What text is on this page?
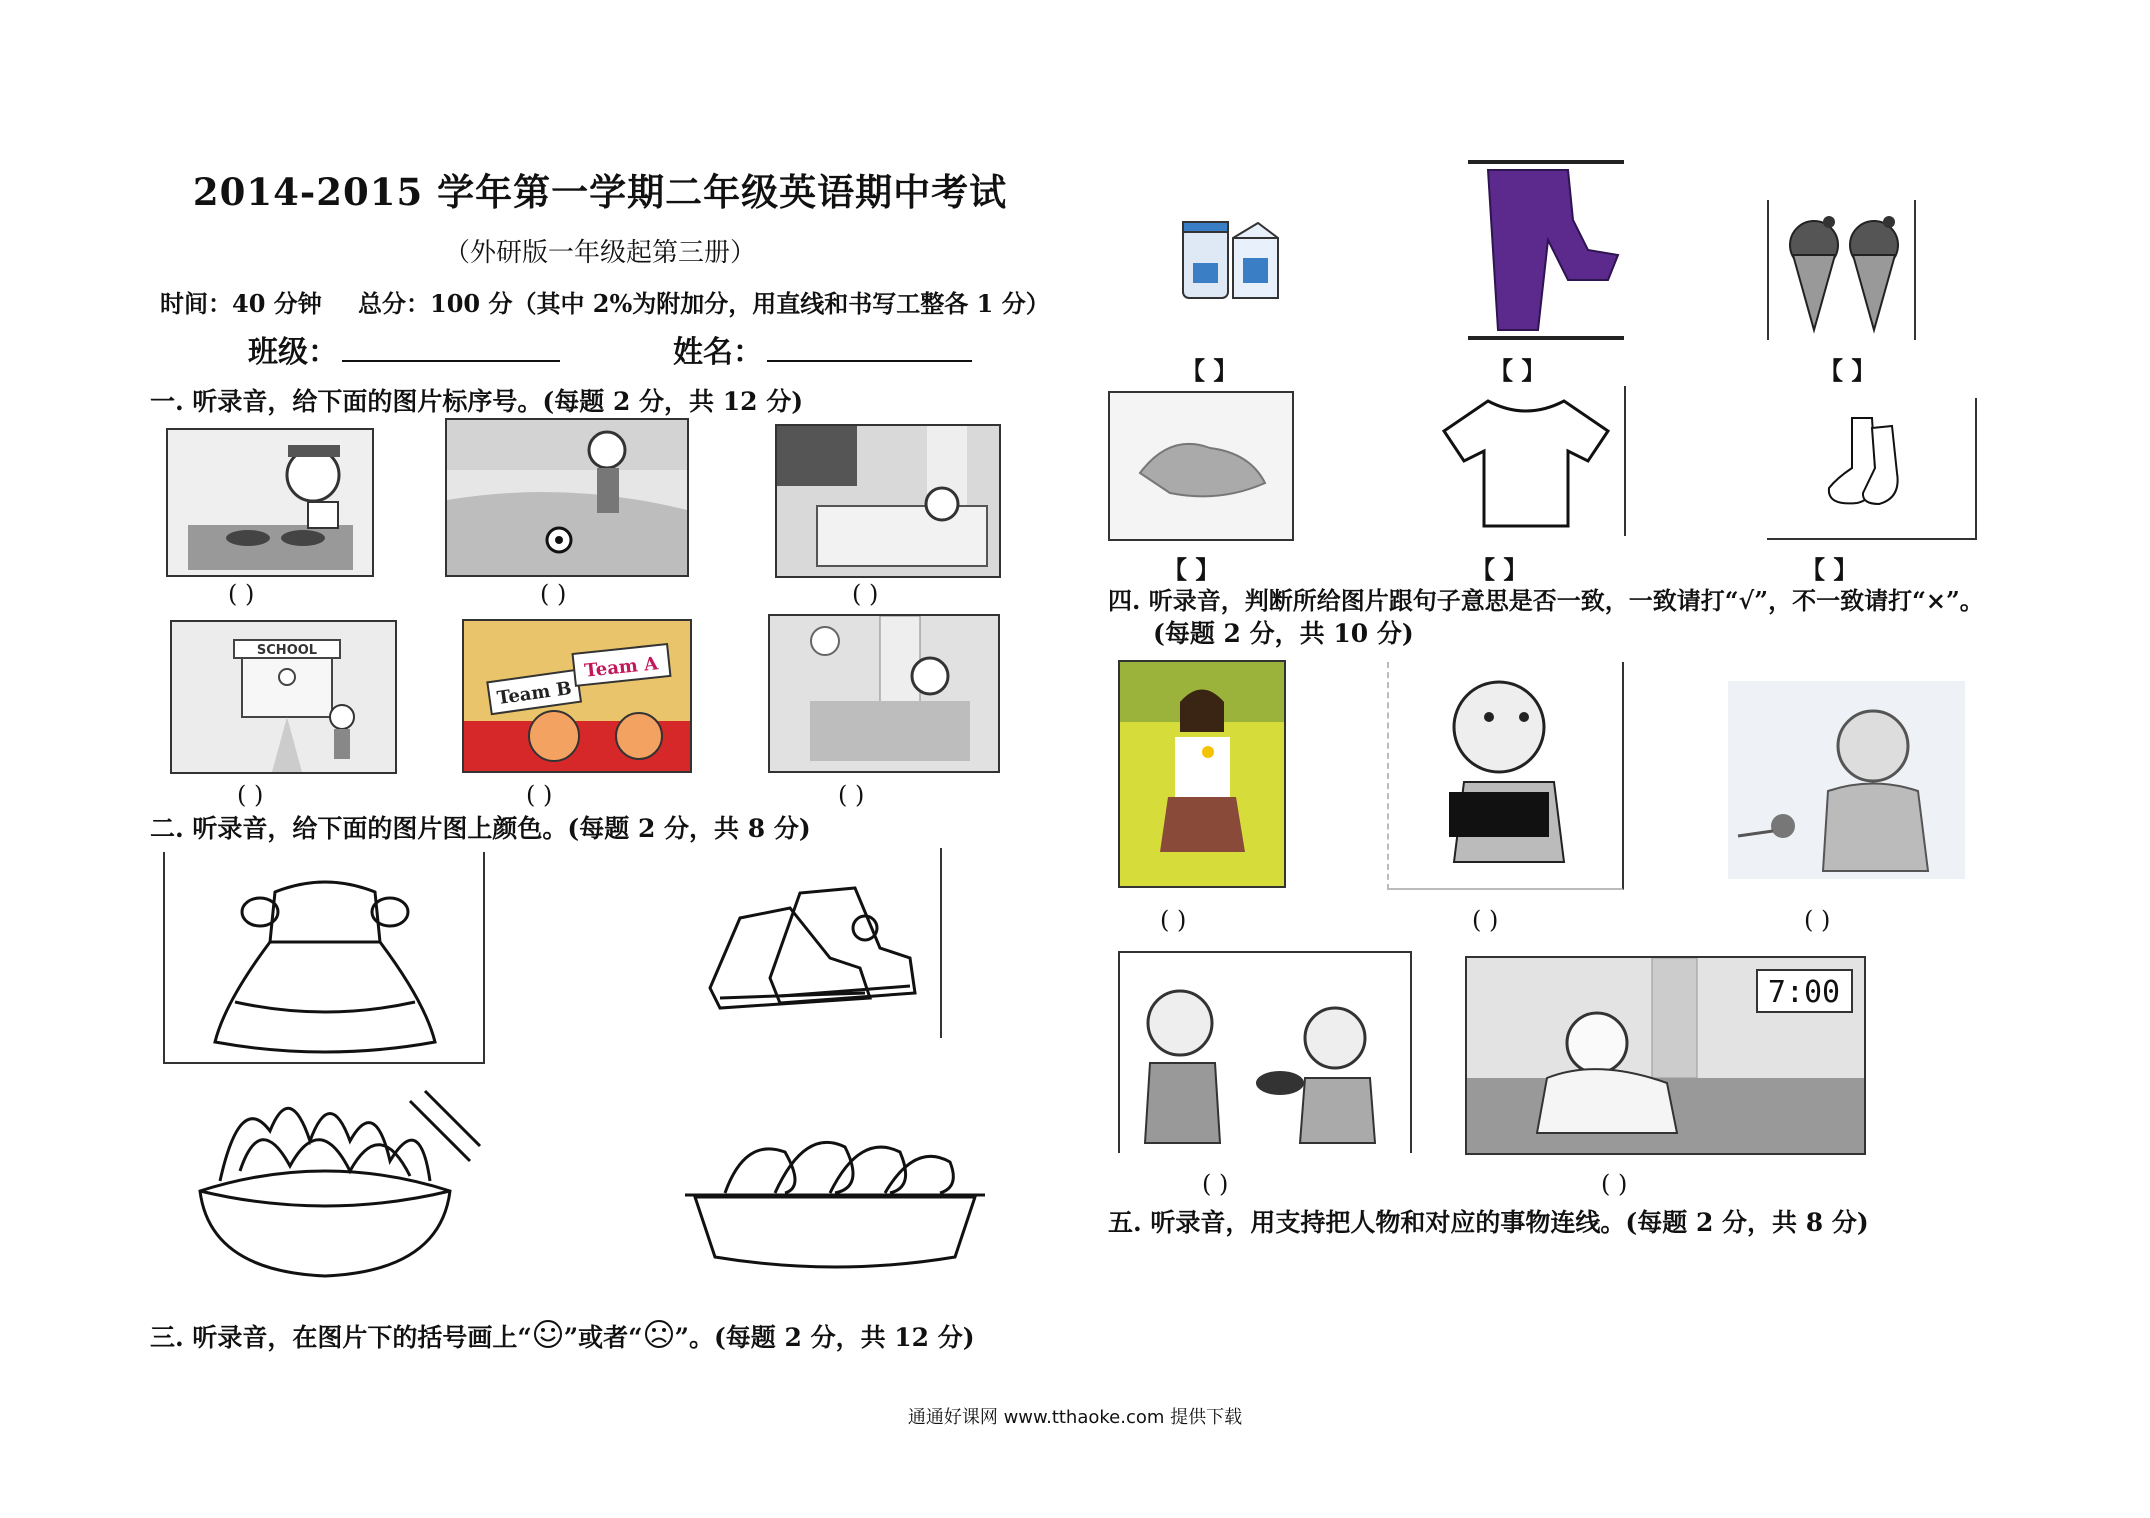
2014-2015 学年第一学期二年级英语期中考试
（外研版一年级起第三册）
时间：40 分钟 总分：100 分（其中 2%为附加分，用直线和书写工整各 1 分）
班级：	姓名：
一. 听录音，给下面的图片标序号。(每题 2 分，共 12 分)
( )	( )	( )
SCHOOL
Team B
Team A
( )	( )	( )
二. 听录音，给下面的图片图上颜色。(每题 2 分，共 8 分)
三. 听录音，在图片下的括号画上“ ”或者“ ”。(每题 2 分，共 12 分)
【 】	【 】	【 】
【 】	【 】	【 】
四. 听录音，判断所给图片跟句子意思是否一致，一致请打“√”，不一致请打“×”。
(每题 2 分，共 10 分)
( )	( )	( )
7:00
( )	( )
五. 听录音，用支持把人物和对应的事物连线。(每题 2 分，共 8 分)
通通好课网 www.tthaoke.com 提供下载
